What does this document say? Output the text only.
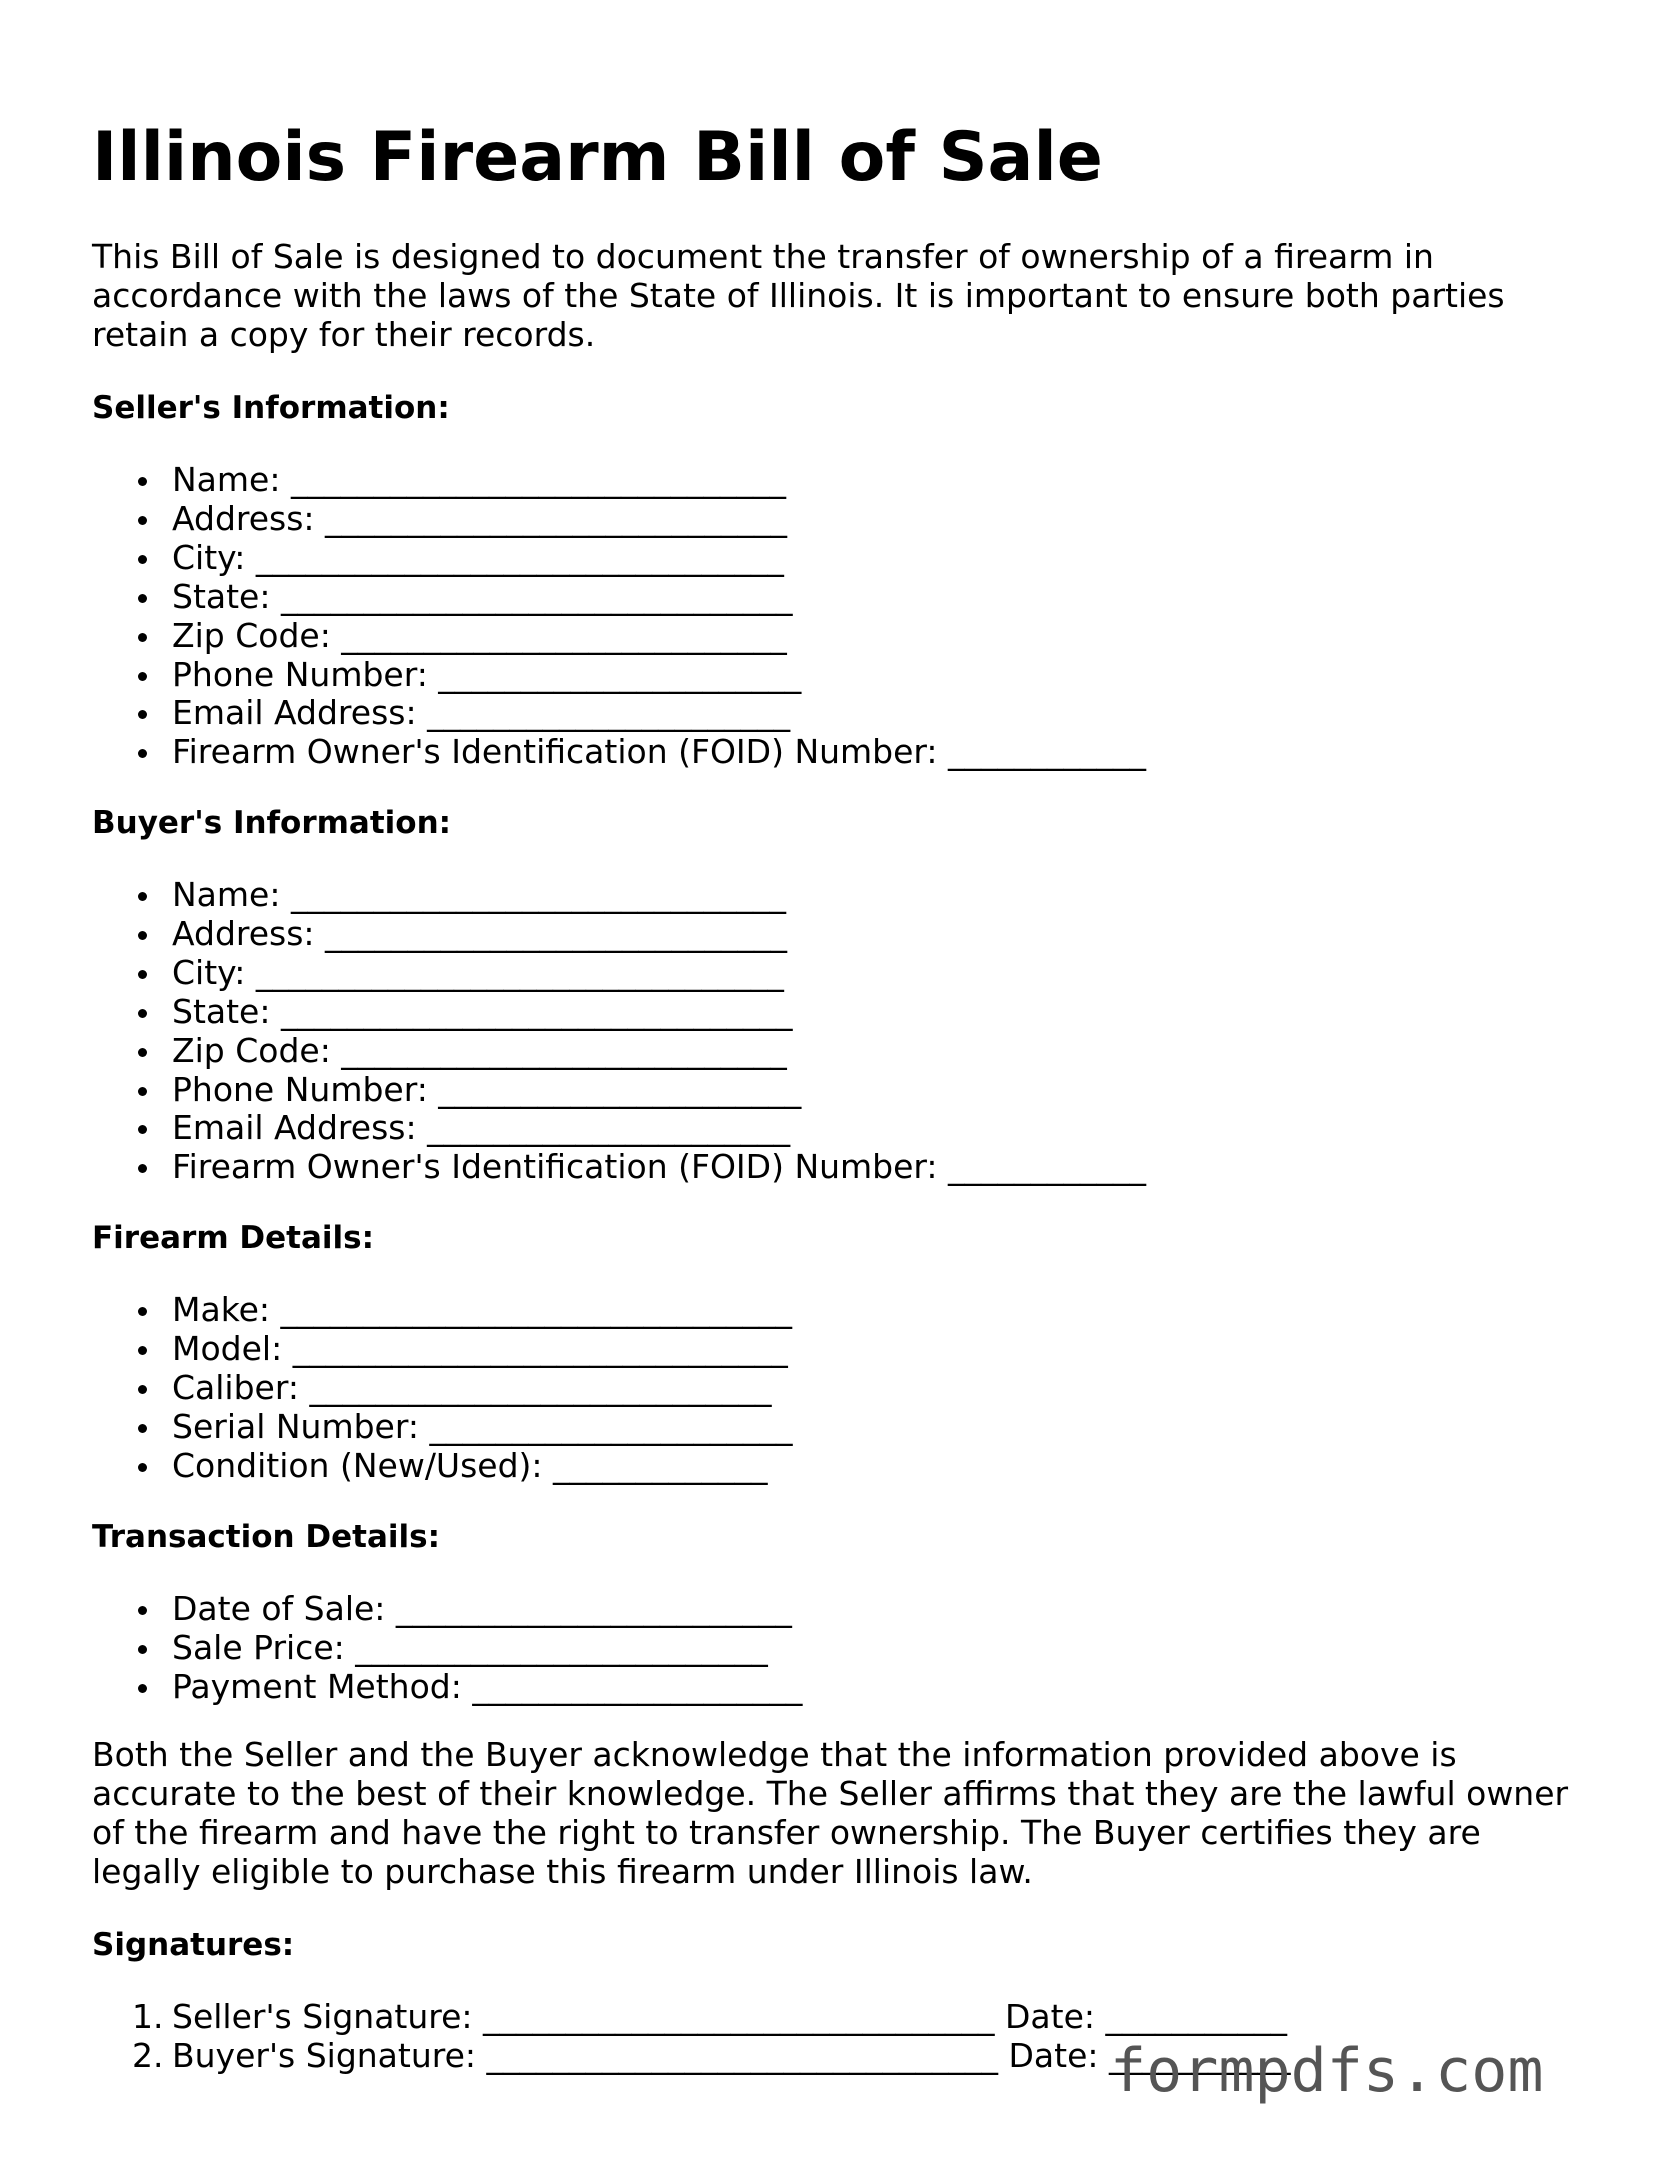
Illinois Firearm Bill of Sale
This Bill of Sale is designed to document the transfer of ownership of a firearm in
accordance with the laws of the State of Illinois. It is important to ensure both parties
retain a copy for their records.
Seller's Information:
Name: ______________________________
Address: ____________________________
City: ________________________________
State: _______________________________
Zip Code: ___________________________
Phone Number: ______________________
Email Address: ______________________
Firearm Owner's Identification (FOID) Number: ____________
Buyer's Information:
Name: ______________________________
Address: ____________________________
City: ________________________________
State: _______________________________
Zip Code: ___________________________
Phone Number: ______________________
Email Address: ______________________
Firearm Owner's Identification (FOID) Number: ____________
Firearm Details:
Make: _______________________________
Model: ______________________________
Caliber: ____________________________
Serial Number: ______________________
Condition (New/Used): _____________
Transaction Details:
Date of Sale: ________________________
Sale Price: _________________________
Payment Method: ____________________
Both the Seller and the Buyer acknowledge that the information provided above is
accurate to the best of their knowledge. The Seller affirms that they are the lawful owner
of the firearm and have the right to transfer ownership. The Buyer certifies they are
legally eligible to purchase this firearm under Illinois law.
Signatures:
1. Seller's Signature: _______________________________ Date: ___________
2. Buyer's Signature: _______________________________ Date: ___________
formpdfs.com
